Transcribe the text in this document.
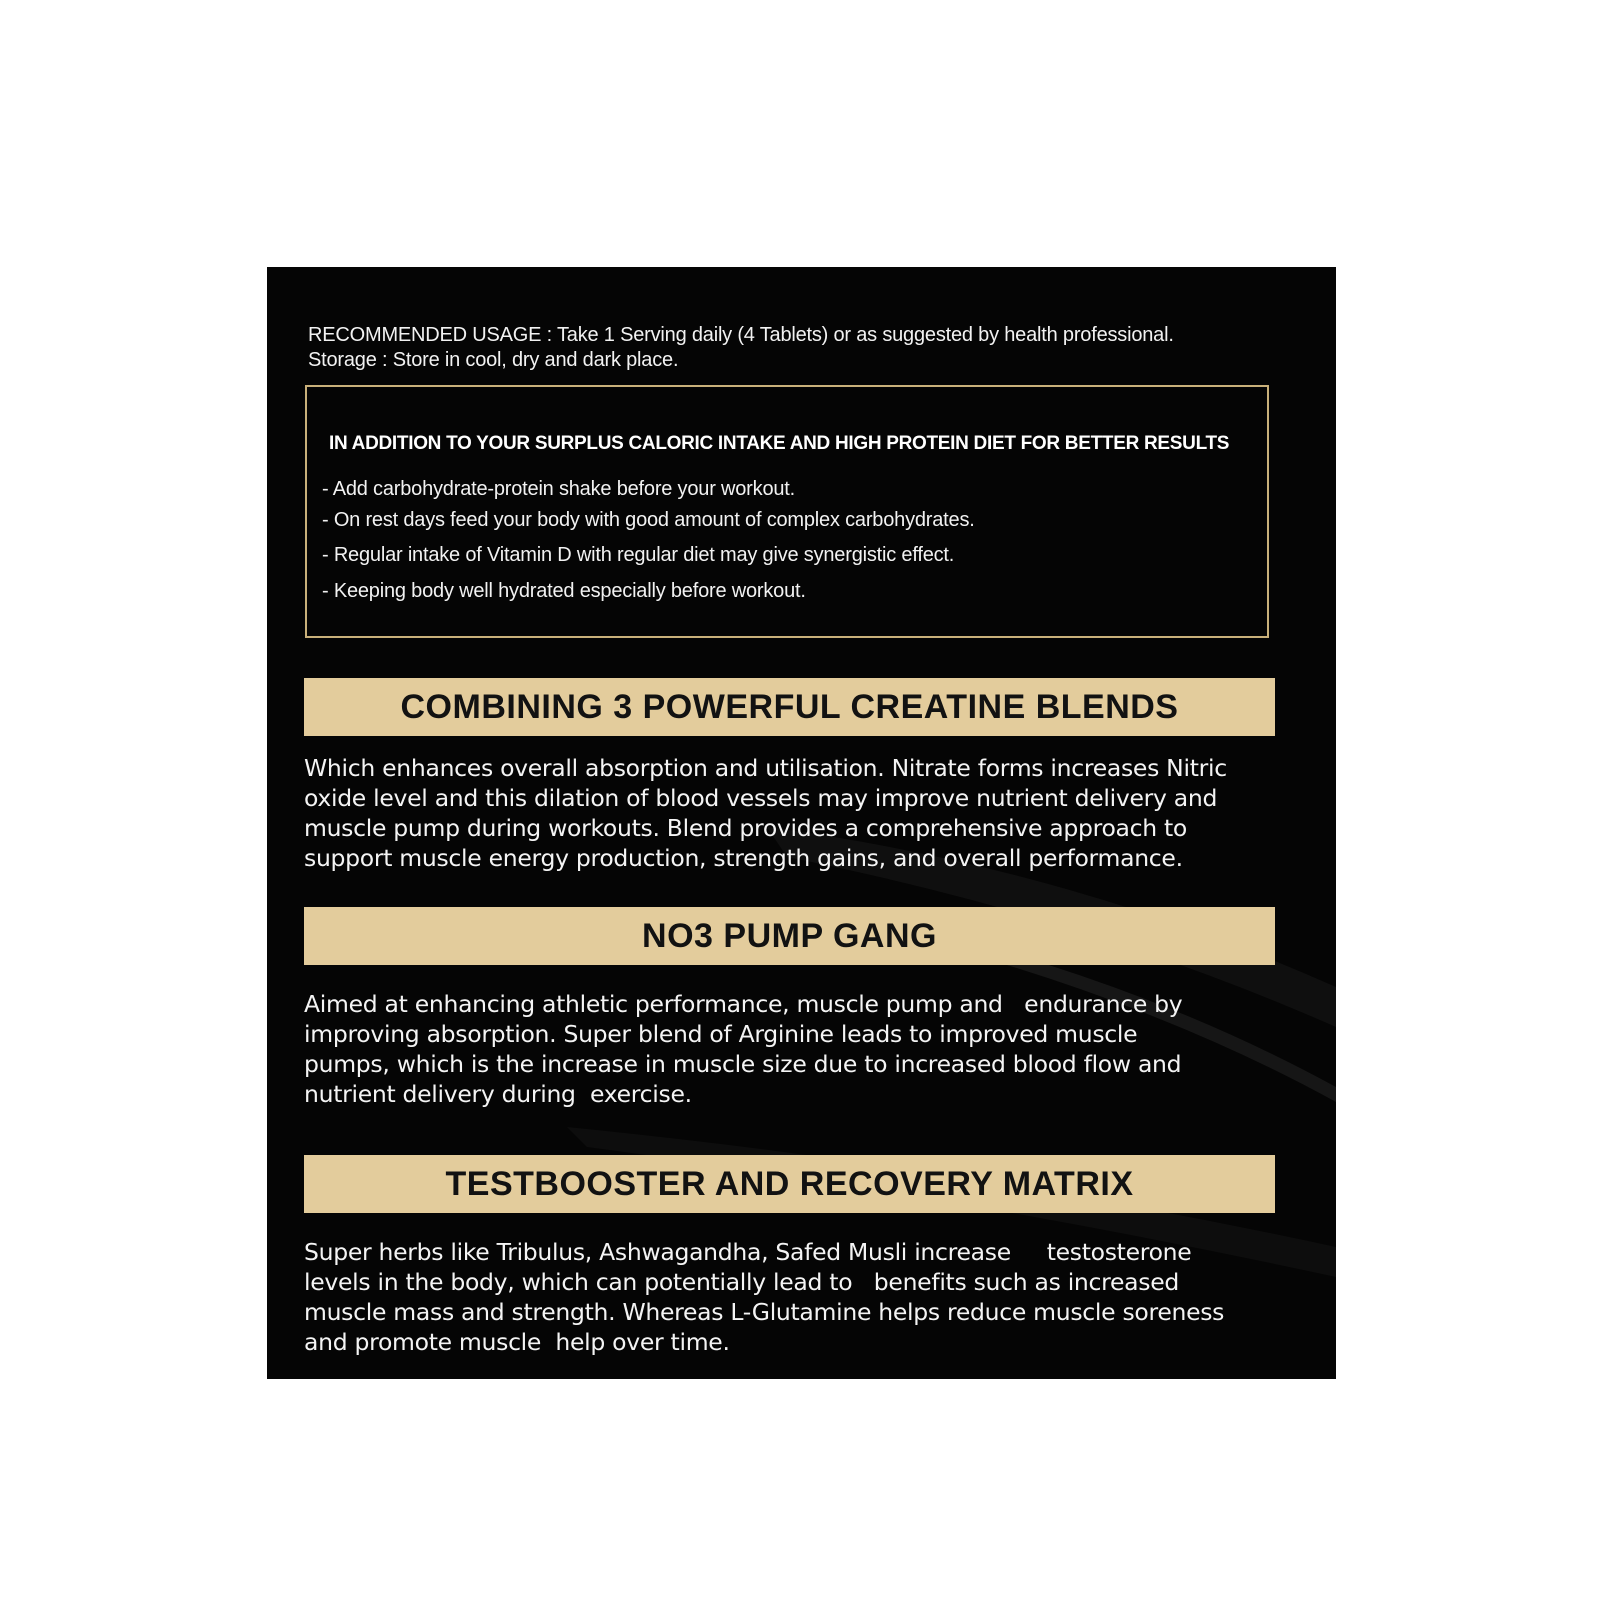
RECOMMENDED USAGE : Take 1 Serving daily (4 Tablets) or as suggested by health professional.
Storage : Store in cool, dry and dark place.
IN ADDITION TO YOUR SURPLUS CALORIC INTAKE AND HIGH PROTEIN DIET FOR BETTER RESULTS
- Add carbohydrate-protein shake before your workout.
- On rest days feed your body with good amount of complex carbohydrates.
- Regular intake of Vitamin D with regular diet may give synergistic effect.
- Keeping body well hydrated especially before workout.
COMBINING 3 POWERFUL CREATINE BLENDS
Which enhances overall absorption and utilisation. Nitrate forms increases Nitric
oxide level and this dilation of blood vessels may improve nutrient delivery and
muscle pump during workouts. Blend provides a comprehensive approach to
support muscle energy production, strength gains, and overall performance.
NO3 PUMP GANG
Aimed at enhancing athletic performance, muscle pump and   endurance by
improving absorption. Super blend of Arginine leads to improved muscle
pumps, which is the increase in muscle size due to increased blood flow and
nutrient delivery during  exercise.
TESTBOOSTER AND RECOVERY MATRIX
Super herbs like Tribulus, Ashwagandha, Safed Musli increase     testosterone
levels in the body, which can potentially lead to   benefits such as increased
muscle mass and strength. Whereas L-Glutamine helps reduce muscle soreness
and promote muscle  help over time.
